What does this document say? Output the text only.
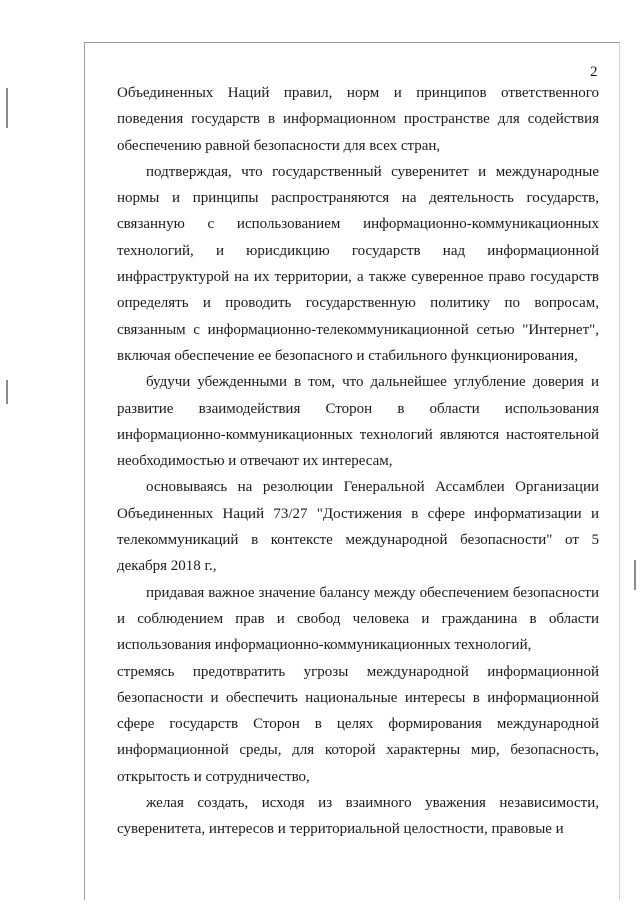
2

Объединенных Наций правил, норм и принципов ответственного поведения государств в информационном пространстве для содействия обеспечению равной безопасности для всех стран,

подтверждая, что государственный суверенитет и международные нормы и принципы распространяются на деятельность государств, связанную с использованием информационно-коммуникационных технологий, и юрисдикцию государств над информационной инфраструктурой на их территории, а также суверенное право государств определять и проводить государственную политику по вопросам, связанным с информационно-телекоммуникационной сетью "Интернет", включая обеспечение ее безопасного и стабильного функционирования,

будучи убежденными в том, что дальнейшее углубление доверия и развитие взаимодействия Сторон в области использования информационно-коммуникационных технологий являются настоятельной необходимостью и отвечают их интересам,

основываясь на резолюции Генеральной Ассамблеи Организации Объединенных Наций 73/27 "Достижения в сфере информатизации и телекоммуникаций в контексте международной безопасности" от 5 декабря 2018 г.,

придавая важное значение балансу между обеспечением безопасности и соблюдением прав и свобод человека и гражданина в области использования информационно-коммуникационных технологий,

стремясь предотвратить угрозы международной информационной безопасности и обеспечить национальные интересы в информационной сфере государств Сторон в целях формирования международной информационной среды, для которой характерны мир, безопасность, открытость и сотрудничество,

желая создать, исходя из взаимного уважения независимости, суверенитета, интересов и территориальной целостности, правовые и
